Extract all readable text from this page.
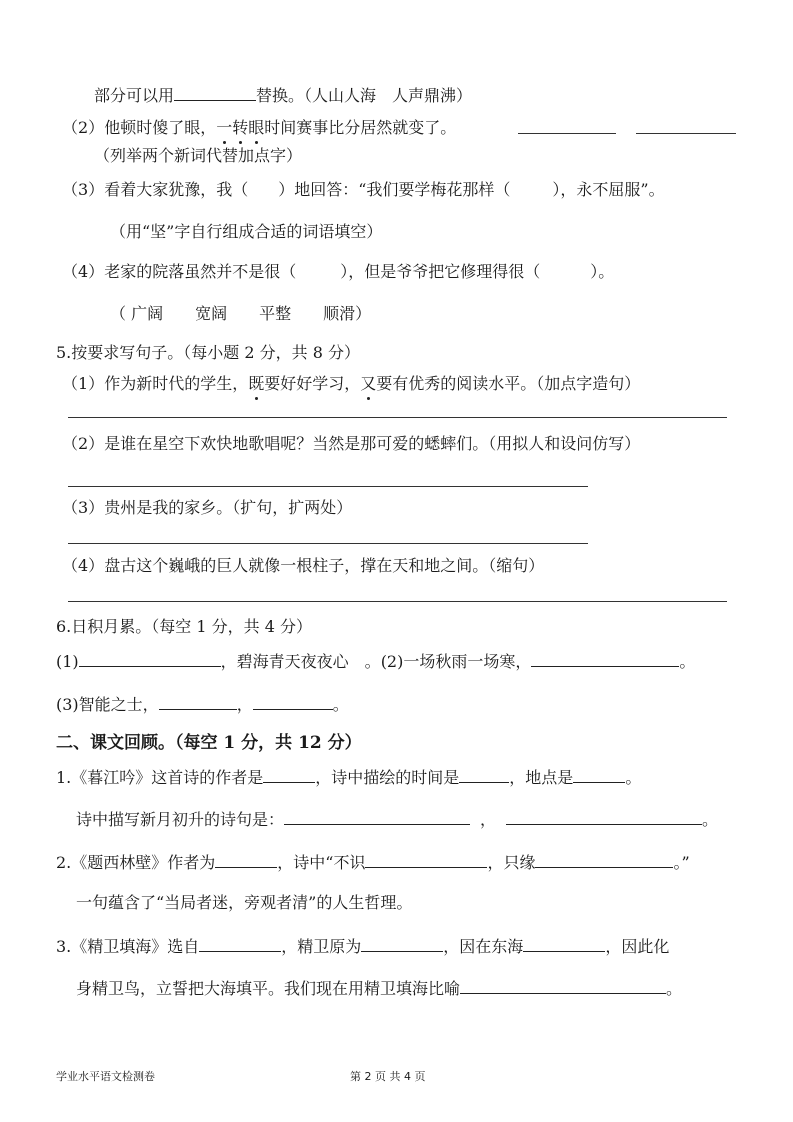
部分可以用	替换。（人山人海　人声鼎沸）
（2）他顿时傻了眼，一转眼时间赛事比分居然就变了。
（列举两个新词代替加点字）
（3）看着大家犹豫，我（ ）地回答：“我们要学梅花那样（	），永不屈服”。
（用“坚”字自行组成合适的词语填空）
（4）老家的院落虽然并不是很（	），但是爷爷把它修理得很（	）。
（ 广阔　　宽阔　　平整　　顺滑）
5.按要求写句子。（每小题 2 分，共 8 分）
（1）作为新时代的学生，既要好好学习，又要有优秀的阅读水平。（加点字造句）
（2）是谁在星空下欢快地歌唱呢？当然是那可爱的蟋蟀们。（用拟人和设问仿写）
（3）贵州是我的家乡。（扩句，扩两处）
（4）盘古这个巍峨的巨人就像一根柱子，撑在天和地之间。（缩句）
6.日积月累。（每空 1 分，共 4 分）
(1)	，碧海青天夜夜心　。(2)一场秋雨一场寒，	。
(3)智能之士，	，	。
二、课文回顾。（每空 1 分，共 12 分）
1.《暮江吟》这首诗的作者是	，诗中描绘的时间是	，地点是	。
诗中描写新月初升的诗句是：	，	。
2.《题西林壁》作者为	，诗中“不识	，只缘	。”
一句蕴含了“当局者迷，旁观者清”的人生哲理。
3.《精卫填海》选自	，精卫原为	，因在东海	，因此化
身精卫鸟，立誓把大海填平。我们现在用精卫填海比喻	。
学业水平语文检测卷	第 2 页 共 4 页
